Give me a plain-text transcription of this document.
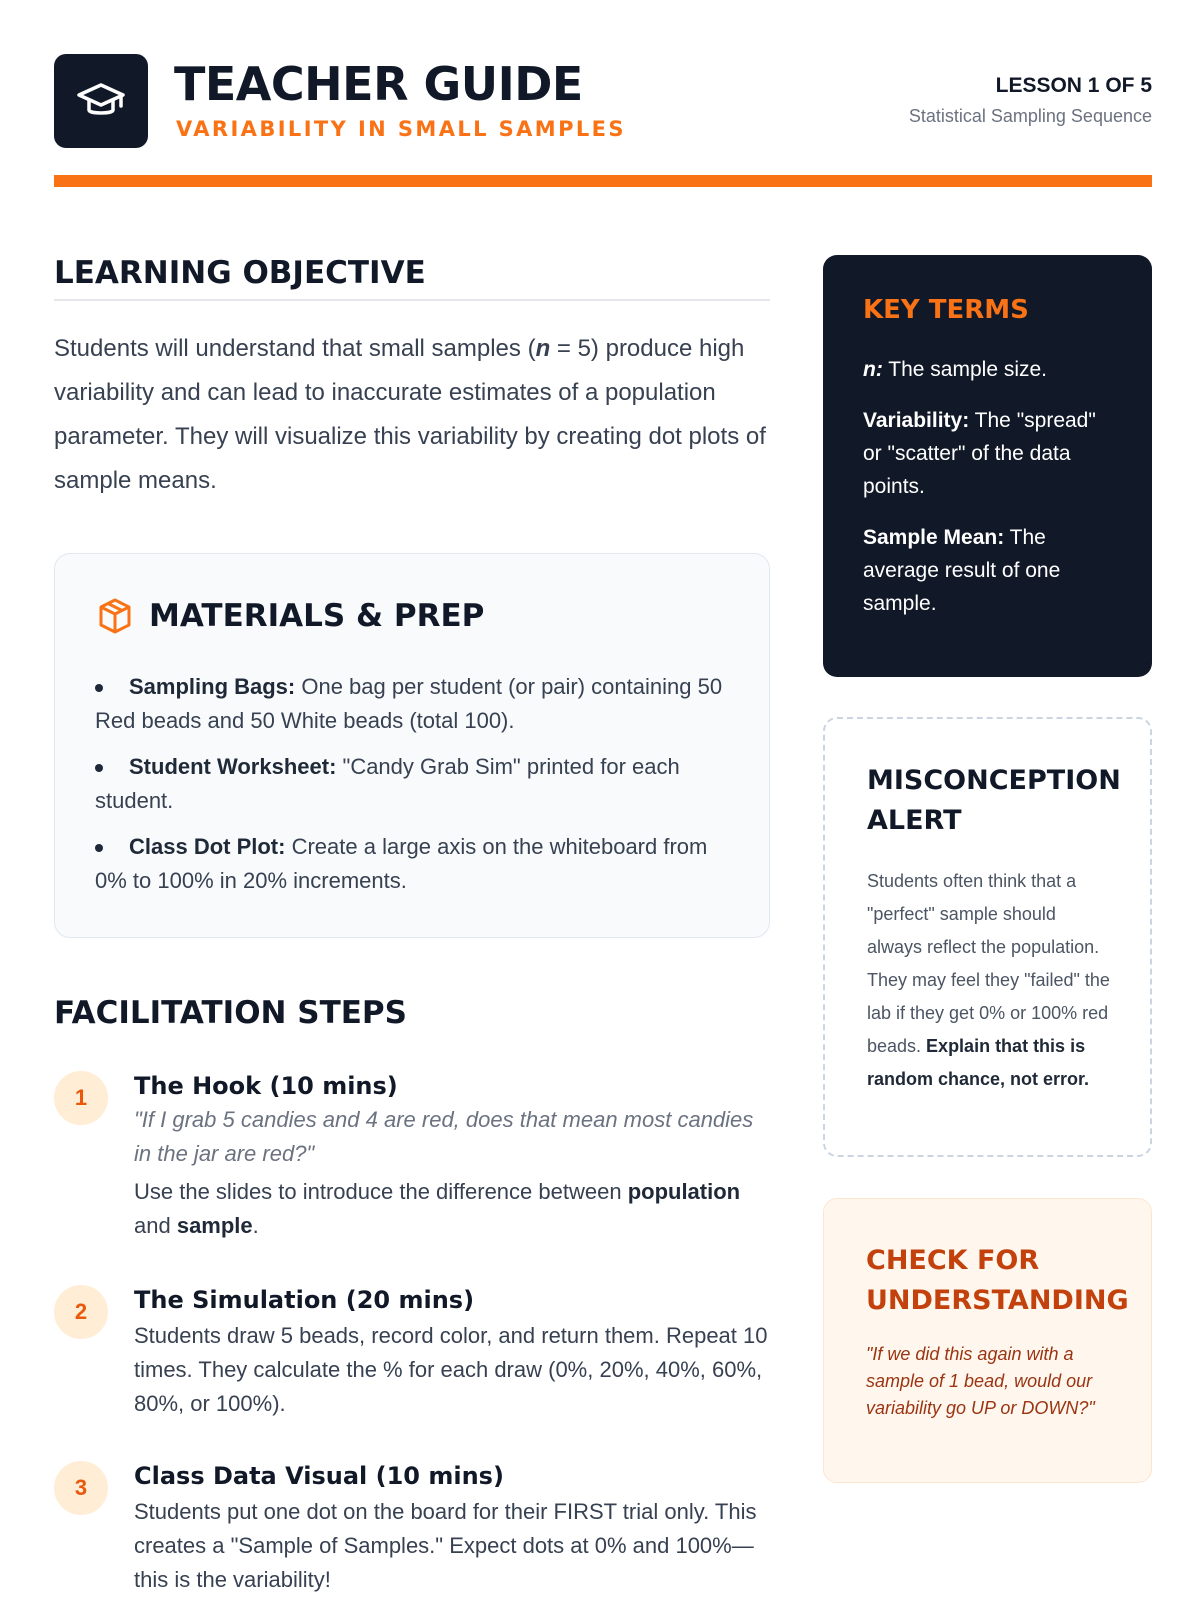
TEACHER GUIDE
VARIABILITY IN SMALL SAMPLES
LESSON 1 OF 5
Statistical Sampling Sequence
LEARNING OBJECTIVE

Students will understand that small samples (n = 5) produce high variability and can lead to inaccurate estimates of a population parameter. They will visualize this variability by creating dot plots of sample means.

MATERIALS & PREP
Sampling Bags: One bag per student (or pair) containing 50 Red beads and 50 White beads (total 100).
Student Worksheet: "Candy Grab Sim" printed for each student.
Class Dot Plot: Create a large axis on the whiteboard from 0% to 100% in 20% increments.
FACILITATION STEPS
1	The Hook (10 mins)
"If I grab 5 candies and 4 are red, does that mean most candies in the jar are red?"
Use the slides to introduce the difference between population and sample.
2	The Simulation (20 mins)
Students draw 5 beads, record color, and return them. Repeat 10 times. They calculate the % for each draw (0%, 20%, 40%, 60%, 80%, or 100%).
3	Class Data Visual (10 mins)
Students put one dot on the board for their FIRST trial only. This creates a "Sample of Samples." Expect dots at 0% and 100%—this is the variability!
KEY TERMS
n: The sample size.
Variability: The "spread" or "scatter" of the data points.
Sample Mean: The average result of one sample.
MISCONCEPTION ALERT

Students often think that a "perfect" sample should always reflect the population. They may feel they "failed" the lab if they get 0% or 100% red beads. Explain that this is random chance, not error.

CHECK FOR UNDERSTANDING

"If we did this again with a sample of 1 bead, would our variability go UP or DOWN?"
